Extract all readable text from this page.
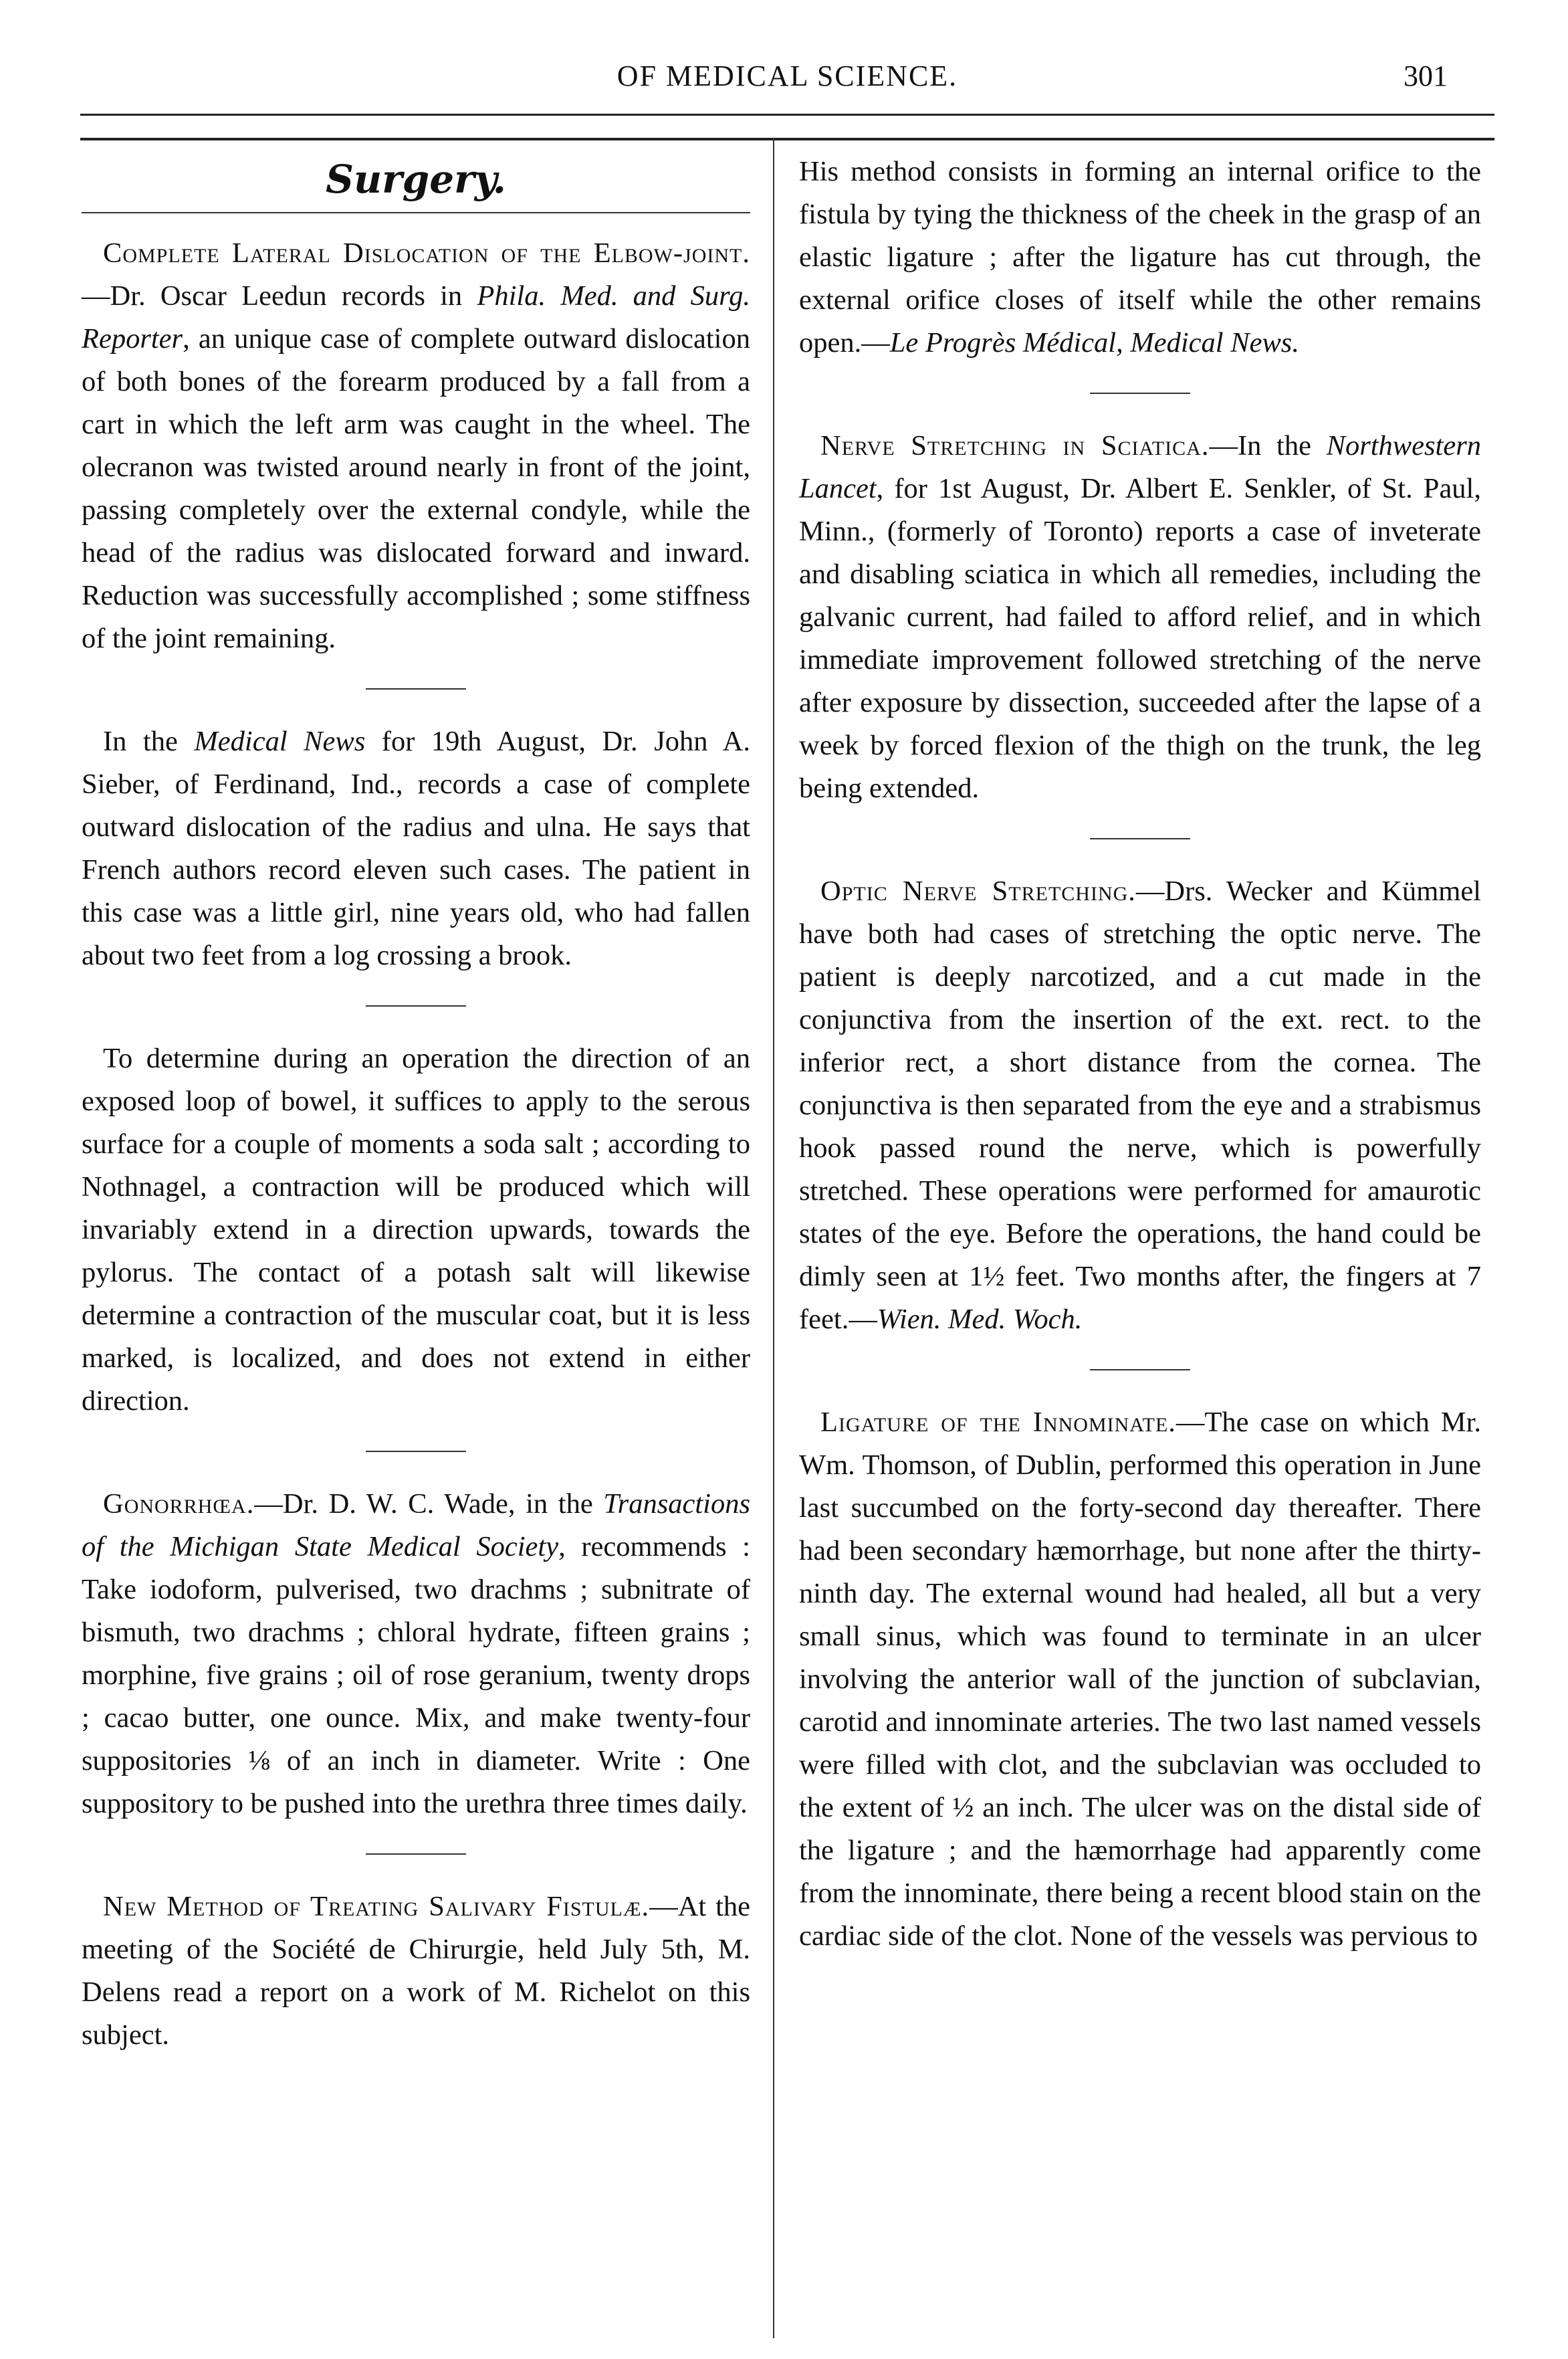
OF MEDICAL SCIENCE.	301
Surgery.

Complete Lateral Dislocation of the Elbow-joint.—Dr. Oscar Leedun records in Phila. Med. and Surg. Reporter, an unique case of complete outward dislocation of both bones of the forearm produced by a fall from a cart in which the left arm was caught in the wheel. The olecranon was twisted around nearly in front of the joint, passing completely over the external condyle, while the head of the radius was dislocated forward and inward. Reduction was successfully accomplished ; some stiffness of the joint remaining.

In the Medical News for 19th August, Dr. John A. Sieber, of Ferdinand, Ind., records a case of complete outward dislocation of the radius and ulna. He says that French authors record eleven such cases. The patient in this case was a little girl, nine years old, who had fallen about two feet from a log crossing a brook.

To determine during an operation the direction of an exposed loop of bowel, it suffices to apply to the serous surface for a couple of moments a soda salt ; according to Nothnagel, a contraction will be produced which will invariably extend in a direction upwards, towards the pylorus. The contact of a potash salt will likewise determine a contraction of the muscular coat, but it is less marked, is localized, and does not extend in either direction.

Gonorrhœa.—Dr. D. W. C. Wade, in the Transactions of the Michigan State Medical Society, recommends : Take iodoform, pulverised, two drachms ; subnitrate of bismuth, two drachms ; chloral hydrate, fifteen grains ; morphine, five grains ; oil of rose geranium, twenty drops ; cacao butter, one ounce. Mix, and make twenty-four suppositories ⅛ of an inch in diameter. Write : One suppository to be pushed into the urethra three times daily.

New Method of Treating Salivary Fistulæ.—At the meeting of the Société de Chirurgie, held July 5th, M. Delens read a report on a work of M. Richelot on this subject.

His method consists in forming an internal orifice to the fistula by tying the thickness of the cheek in the grasp of an elastic ligature ; after the ligature has cut through, the external orifice closes of itself while the other remains open.—Le Progrès Médical, Medical News.

Nerve Stretching in Sciatica.—In the Northwestern Lancet, for 1st August, Dr. Albert E. Senkler, of St. Paul, Minn., (formerly of Toronto) reports a case of inveterate and disabling sciatica in which all remedies, including the galvanic current, had failed to afford relief, and in which immediate improvement followed stretching of the nerve after exposure by dissection, succeeded after the lapse of a week by forced flexion of the thigh on the trunk, the leg being extended.

Optic Nerve Stretching.—Drs. Wecker and Kümmel have both had cases of stretching the optic nerve. The patient is deeply narcotized, and a cut made in the conjunctiva from the insertion of the ext. rect. to the inferior rect, a short distance from the cornea. The conjunctiva is then separated from the eye and a strabismus hook passed round the nerve, which is powerfully stretched. These operations were performed for amaurotic states of the eye. Before the operations, the hand could be dimly seen at 1½ feet. Two months after, the fingers at 7 feet.—Wien. Med. Woch.

Ligature of the Innominate.—The case on which Mr. Wm. Thomson, of Dublin, performed this operation in June last succumbed on the forty-second day thereafter. There had been secondary hæmorrhage, but none after the thirty-ninth day. The external wound had healed, all but a very small sinus, which was found to terminate in an ulcer involving the anterior wall of the junction of subclavian, carotid and innominate arteries. The two last named vessels were filled with clot, and the subclavian was occluded to the extent of ½ an inch. The ulcer was on the distal side of the ligature ; and the hæmorrhage had apparently come from the innominate, there being a recent blood stain on the cardiac side of the clot. None of the vessels was pervious to
